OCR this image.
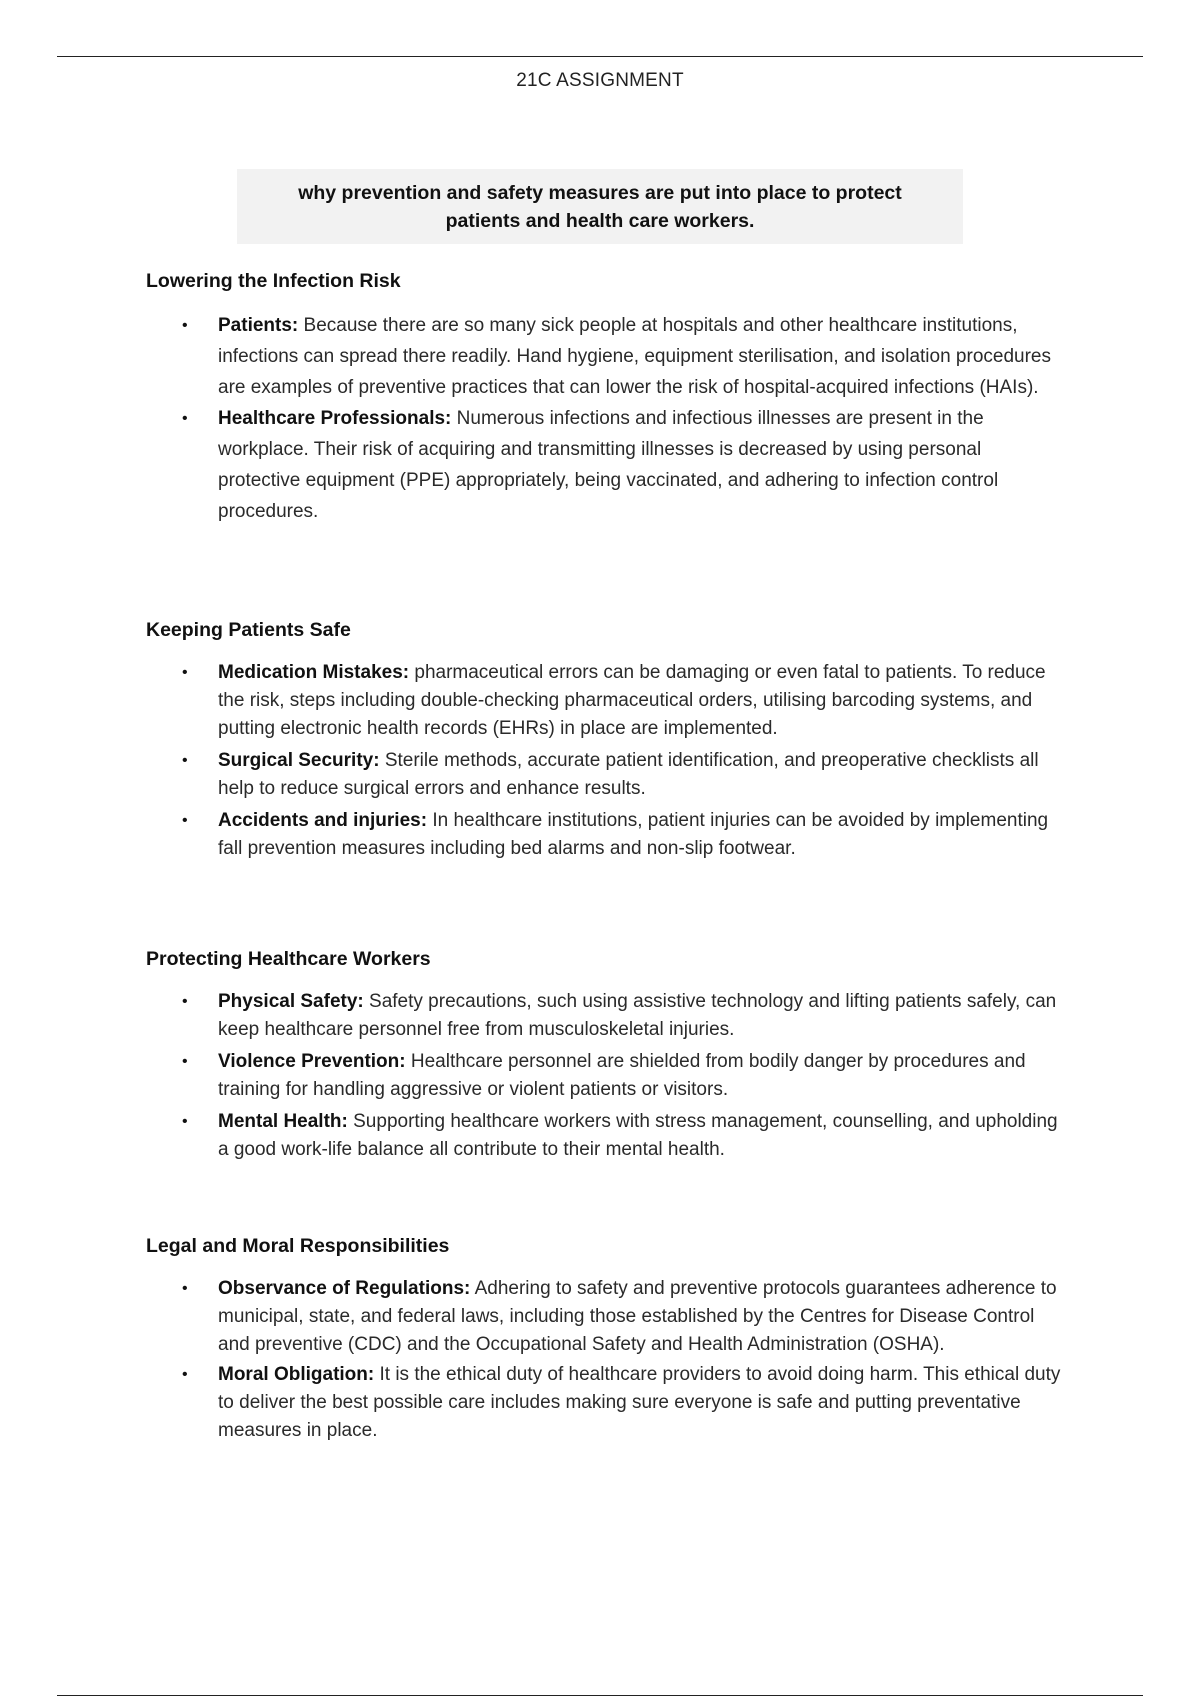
21C ASSIGNMENT
why prevention and safety measures are put into place to protect patients and health care workers.
Lowering the Infection Risk
• Patients: Because there are so many sick people at hospitals and other healthcare institutions, infections can spread there readily. Hand hygiene, equipment sterilisation, and isolation procedures are examples of preventive practices that can lower the risk of hospital-acquired infections (HAIs).
• Healthcare Professionals: Numerous infections and infectious illnesses are present in the workplace. Their risk of acquiring and transmitting illnesses is decreased by using personal protective equipment (PPE) appropriately, being vaccinated, and adhering to infection control procedures.
Keeping Patients Safe
• Medication Mistakes: pharmaceutical errors can be damaging or even fatal to patients. To reduce the risk, steps including double-checking pharmaceutical orders, utilising barcoding systems, and putting electronic health records (EHRs) in place are implemented.
• Surgical Security: Sterile methods, accurate patient identification, and preoperative checklists all help to reduce surgical errors and enhance results.
• Accidents and injuries: In healthcare institutions, patient injuries can be avoided by implementing fall prevention measures including bed alarms and non-slip footwear.
Protecting Healthcare Workers
• Physical Safety: Safety precautions, such using assistive technology and lifting patients safely, can keep healthcare personnel free from musculoskeletal injuries.
• Violence Prevention: Healthcare personnel are shielded from bodily danger by procedures and training for handling aggressive or violent patients or visitors.
• Mental Health: Supporting healthcare workers with stress management, counselling, and upholding a good work-life balance all contribute to their mental health.
Legal and Moral Responsibilities
• Observance of Regulations: Adhering to safety and preventive protocols guarantees adherence to municipal, state, and federal laws, including those established by the Centres for Disease Control and preventive (CDC) and the Occupational Safety and Health Administration (OSHA).
• Moral Obligation: It is the ethical duty of healthcare providers to avoid doing harm. This ethical duty to deliver the best possible care includes making sure everyone is safe and putting preventative measures in place.
